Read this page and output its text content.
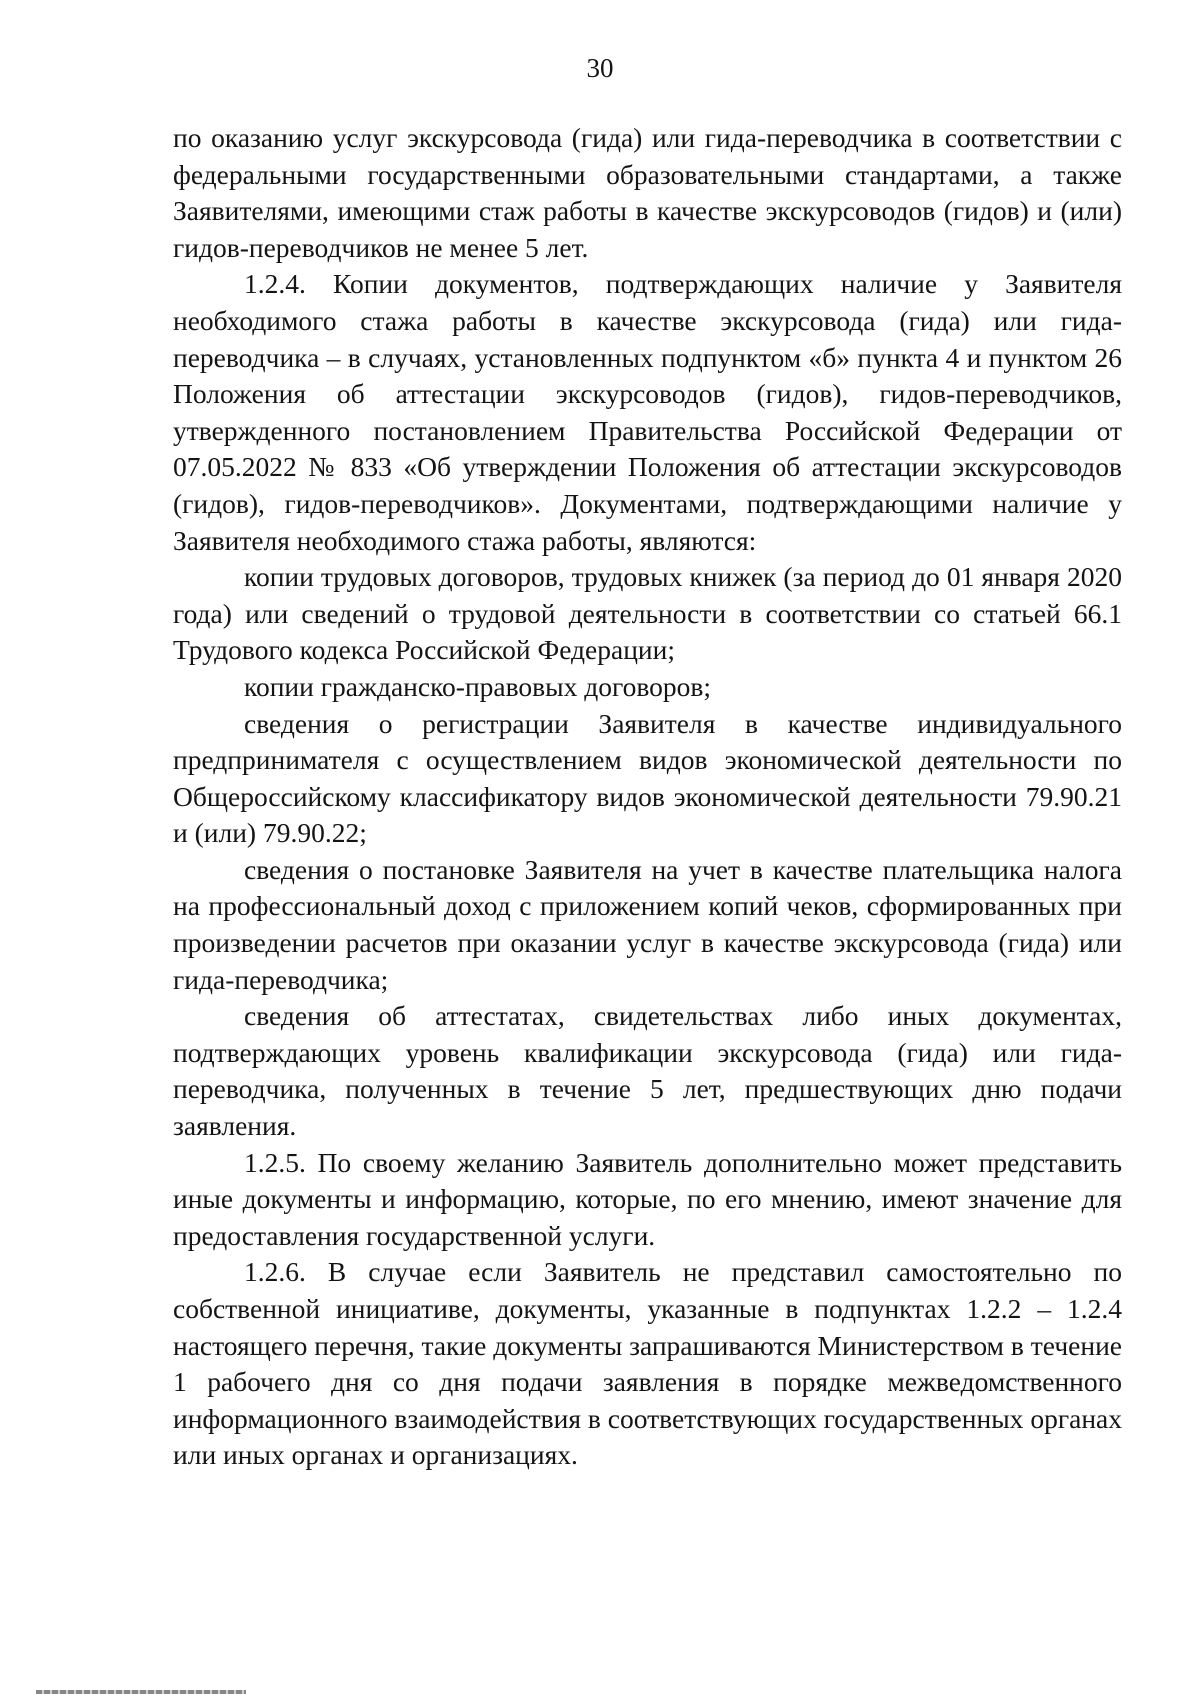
30

по оказанию услуг экскурсовода (гида) или гида-переводчика в соответствии с федеральными государственными образовательными стандартами, а также Заявителями, имеющими стаж работы в качестве экскурсоводов (гидов) и (или) гидов-переводчиков не менее 5 лет.

1.2.4. Копии документов, подтверждающих наличие у Заявителя необходимого стажа работы в качестве экскурсовода (гида) или гида-переводчика – в случаях, установленных подпунктом «б» пункта 4 и пунктом 26 Положения об аттестации экскурсоводов (гидов), гидов-переводчиков, утвержденного постановлением Правительства Российской Федерации от 07.05.2022 № 833 «Об утверждении Положения об аттестации экскурсоводов (гидов), гидов-переводчиков». Документами, подтверждающими наличие у Заявителя необходимого стажа работы, являются:

копии трудовых договоров, трудовых книжек (за период до 01 января 2020 года) или сведений о трудовой деятельности в соответствии со статьей 66.1 Трудового кодекса Российской Федерации;

копии гражданско-правовых договоров;

сведения о регистрации Заявителя в качестве индивидуального предпринимателя с осуществлением видов экономической деятельности по Общероссийскому классификатору видов экономической деятельности 79.90.21 и (или) 79.90.22;

сведения о постановке Заявителя на учет в качестве плательщика налога на профессиональный доход с приложением копий чеков, сформированных при произведении расчетов при оказании услуг в качестве экскурсовода (гида) или гида-переводчика;

сведения об аттестатах, свидетельствах либо иных документах, подтверждающих уровень квалификации экскурсовода (гида) или гида-переводчика, полученных в течение 5 лет, предшествующих дню подачи заявления.

1.2.5. По своему желанию Заявитель дополнительно может представить иные документы и информацию, которые, по его мнению, имеют значение для предоставления государственной услуги.

1.2.6. В случае если Заявитель не представил самостоятельно по собственной инициативе, документы, указанные в подпунктах 1.2.2 – 1.2.4 настоящего перечня, такие документы запрашиваются Министерством в течение 1 рабочего дня со дня подачи заявления в порядке межведомственного информационного взаимодействия в соответствующих государственных органах или иных органах и организациях.
